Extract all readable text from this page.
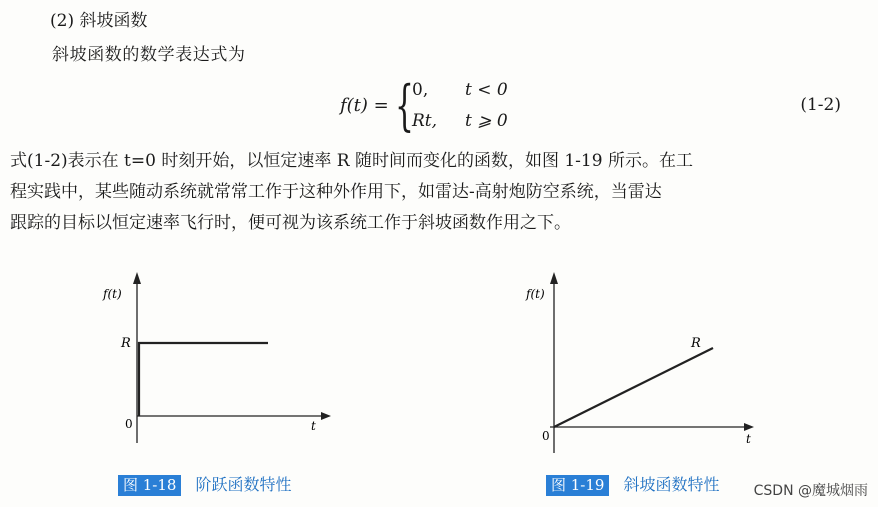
(2) 斜坡函数
斜坡函数的数学表达式为
f(t) = {
0, t < 0
Rt, t ⩾ 0
(1-2)
式(1-2)表示在 t=0 时刻开始，以恒定速率 R 随时间而变化的函数，如图 1-19 所示。在工
程实践中，某些随动系统就常常工作于这种外作用下，如雷达-高射炮防空系统，当雷达
跟踪的目标以恒定速率飞行时，便可视为该系统工作于斜坡函数作用之下。
f(t)
R
0	t
f(t)
R
0	t
图 1-18 阶跃函数特性	图 1-19 斜坡函数特性 CSDN @魔城烟雨
